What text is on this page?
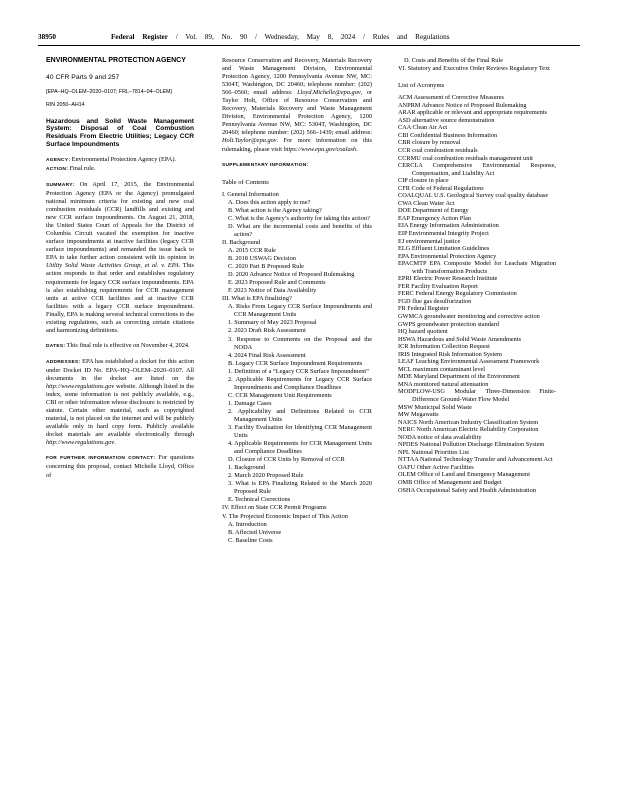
38950	Federal Register / Vol. 89, No. 90 / Wednesday, May 8, 2024 / Rules and Regulations
ENVIRONMENTAL PROTECTION AGENCY
40 CFR Parts 9 and 257
[EPA–HQ–OLEM–2020–0107; FRL–7814–04–OLEM]
RIN 2050–AH14
Hazardous and Solid Waste Management System: Disposal of Coal Combustion Residuals From Electric Utilities; Legacy CCR Surface Impoundments

AGENCY: Environmental Protection Agency (EPA).

ACTION: Final rule.

SUMMARY: On April 17, 2015, the Environmental Protection Agency (EPA or the Agency) promulgated national minimum criteria for existing and new coal combustion residuals (CCR) landfills and existing and new CCR surface impoundments. On August 21, 2018, the United States Court of Appeals for the District of Columbia Circuit vacated the exemption for inactive surface impoundments at inactive facilities (legacy CCR surface impoundments) and remanded the issue back to EPA to take further action consistent with its opinion in Utility Solid Waste Activities Group, et al. v. EPA. This action responds to that order and establishes regulatory requirements for legacy CCR surface impoundments. EPA is also establishing requirements for CCR management units at active CCR facilities and at inactive CCR facilities with a legacy CCR surface impoundment. Finally, EPA is making several technical corrections to the existing regulations, such as correcting certain citations and harmonizing definitions.

DATES: This final rule is effective on November 4, 2024.

ADDRESSES: EPA has established a docket for this action under Docket ID No. EPA–HQ–OLEM–2020–0107. All documents in the docket are listed on the http://www.regulations.gov website. Although listed in the index, some information is not publicly available, e.g., CBI or other information whose disclosure is restricted by statute. Certain other material, such as copyrighted material, is not placed on the internet and will be publicly available only in hard copy form. Publicly available docket materials are available electronically through http://www.regulations.gov.

FOR FURTHER INFORMATION CONTACT: For questions concerning this proposal, contact Michelle Lloyd, Office of

Resource Conservation and Recovery, Materials Recovery and Waste Management Division, Environmental Protection Agency, 1200 Pennsylvania Avenue NW, MC: 5304T, Washington, DC 20460; telephone number: (202) 566–0560; email address: Lloyd.Michelle@epa.gov, or Taylor Holt, Office of Resource Conservation and Recovery, Materials Recovery and Waste Management Division, Environmental Protection Agency, 1200 Pennsylvania Avenue NW, MC: 5304T, Washington, DC 20460; telephone number: (202) 566–1439; email address: Holt.Taylor@epa.gov. For more information on this rulemaking, please visit https://www.epa.gov/coalash.

SUPPLEMENTARY INFORMATION:

Table of Contents
I. General Information
A. Does this action apply to me?
B. What action is the Agency taking?
C. What is the Agency’s authority for taking this action?
D. What are the incremental costs and benefits of this action?
II. Background
A. 2015 CCR Rule
B. 2018 USWAG Decision
C. 2020 Part B Proposed Rule
D. 2020 Advance Notice of Proposed Rulemaking
E. 2023 Proposed Rule and Comments
F. 2023 Notice of Data Availability
III. What is EPA finalizing?
A. Risks From Legacy CCR Surface Impoundments and CCR Management Units
1. Summary of May 2023 Proposal
2. 2023 Draft Risk Assessment
3. Response to Comments on the Proposal and the NODA
4. 2024 Final Risk Assessment
B. Legacy CCR Surface Impoundment Requirements
1. Definition of a “Legacy CCR Surface Impoundment”
2. Applicable Requirements for Legacy CCR Surface Impoundments and Compliance Deadlines
C. CCR Management Unit Requirements
1. Damage Cases
2. Applicability and Definitions Related to CCR Management Units
3. Facility Evaluation for Identifying CCR Management Units
4. Applicable Requirements for CCR Management Units and Compliance Deadlines
D. Closure of CCR Units by Removal of CCR
1. Background
2. March 2020 Proposed Rule
3. What is EPA Finalizing Related to the March 2020 Proposed Rule
E. Technical Corrections
IV. Effect on State CCR Permit Programs
V. The Projected Economic Impact of This Action
A. Introduction
B. Affected Universe
C. Baseline Costs
D. Costs and Benefits of the Final Rule
VI. Statutory and Executive Order Reviews Regulatory Text
List of Acronyms
ACM Assessment of Corrective Measures
ANPRM Advance Notice of Proposed Rulemaking
ARAR applicable or relevant and appropriate requirements
ASD alternative source demonstration
CAA Clean Air Act
CBI Confidential Business Information
CBR closure by removal
CCR coal combustion residuals
CCRMU coal combustion residuals management unit
CERCLA Comprehensive Environmental Response, Compensation, and Liability Act
CIP closure in place
CFR Code of Federal Regulations
COALQUAL U.S. Geological Survey coal quality database
CWA Clean Water Act
DOE Department of Energy
EAP Emergency Action Plan
EIA Energy Information Administration
EIP Environmental Integrity Project
EJ environmental justice
ELG Effluent Limitation Guidelines
EPA Environmental Protection Agency
EPACMTP EPA Composite Model for Leachate Migration with Transformation Products
EPRI Electric Power Research Institute
FER Facility Evaluation Report
FERC Federal Energy Regulatory Commission
FGD flue gas desulfurization
FR Federal Register
GWMCA groundwater monitoring and corrective action
GWPS groundwater protection standard
HQ hazard quotient
HSWA Hazardous and Solid Waste Amendments
ICR Information Collection Request
IRIS Integrated Risk Information System
LEAF Leaching Environmental Assessment Framework
MCL maximum contaminant level
MDE Maryland Department of the Environment
MNA monitored natural attenuation
MODFLOW-USG Modular Three-Dimension Finite-Difference Ground-Water Flow Model
MSW Municipal Solid Waste
MW Megawatts
NAICS North American Industry Classification System
NERC North American Electric Reliability Corporation
NODA notice of data availability
NPDES National Pollution Discharge Elimination System
NPL National Priorities List
NTTAA National Technology Transfer and Advancement Act
OAFU Other Active Facilities
OLEM Office of Land and Emergency Management
OMB Office of Management and Budget
OSHA Occupational Safety and Health Administration
